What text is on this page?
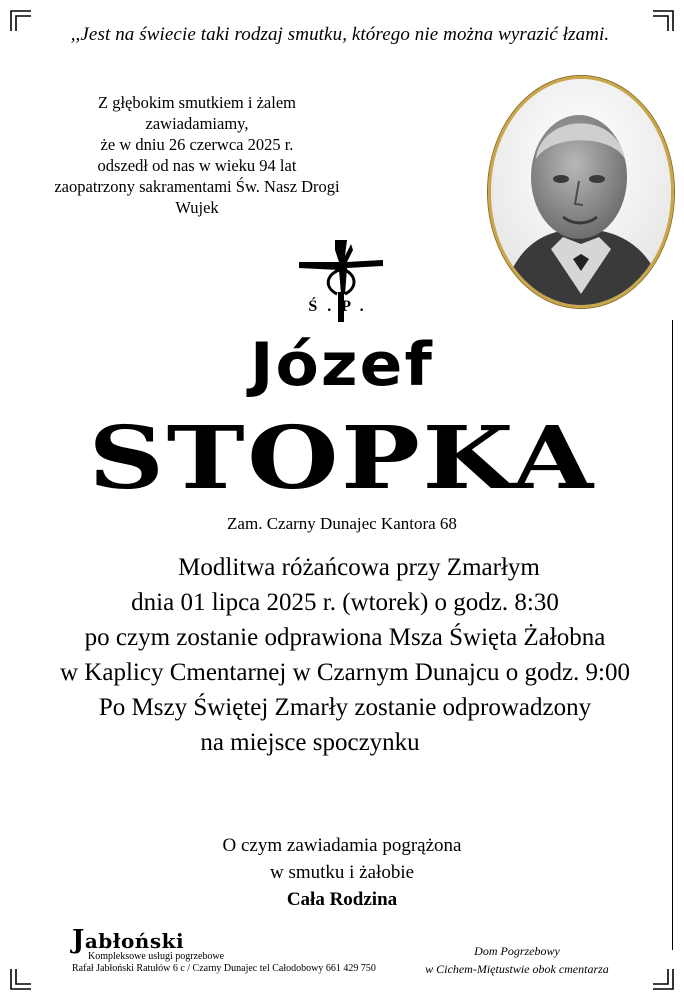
,,Jest na świecie taki rodzaj smutku, którego nie można wyrazić łzami.
Z głębokim smutkiem i żalem zawiadamiamy,
że w dniu 26 czerwca 2025 r.
odszedł od nas w wieku 94 lat
zaopatrzony sakramentami Św. Nasz Drogi
Wujek
Ś.P.
Józef
STOPKA
Zam. Czarny Dunajec Kantora 68
Modlitwa różańcowa przy Zmarłym
dnia 01 lipca 2025 r. (wtorek) o godz. 8:30
po czym zostanie odprawiona Msza Święta Żałobna
w Kaplicy Cmentarnej w Czarnym Dunajcu o godz. 9:00
Po Mszy Świętej Zmarły zostanie odprowadzony
na miejsce spoczynku
O czym zawiadamia pogrążona
w smutku i żałobie
Cała Rodzina
Jabłoński
Kompleksowe usługi pogrzebowe
Rafał Jabłoński Ratułów 6 c / Czarny Dunajec tel Całodobowy 661 429 750
Dom Pogrzebowy
w Cichem-Miętustwie obok cmentarza
